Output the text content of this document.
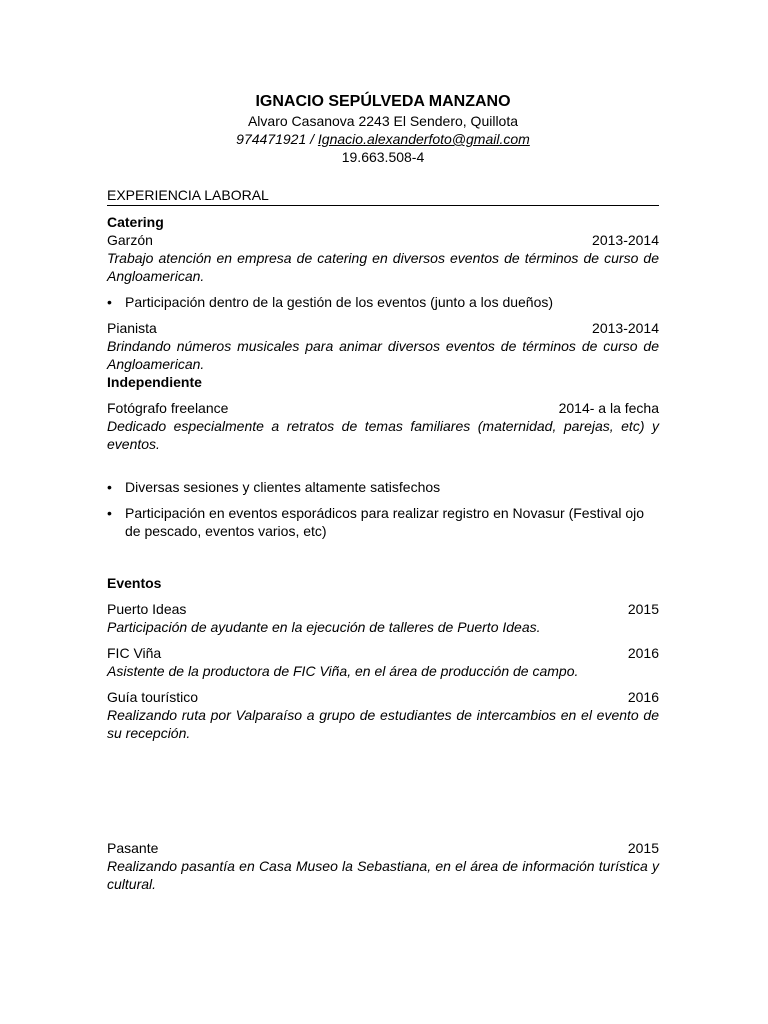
IGNACIO SEPÚLVEDA MANZANO
Alvaro Casanova 2243 El Sendero, Quillota
974471921 / Ignacio.alexanderfoto@gmail.com
19.663.508-4
EXPERIENCIA LABORAL
Catering
Garzón	2013-2014
Trabajo atención en empresa de catering en diversos eventos de términos de curso de Angloamerican.
• Participación dentro de la gestión de los eventos (junto a los dueños)
Pianista	2013-2014
Brindando números musicales para animar diversos eventos de términos de curso de Angloamerican.
Independiente
Fotógrafo freelance	2014- a la fecha
Dedicado especialmente a retratos de temas familiares (maternidad, parejas, etc) y eventos.
• Diversas sesiones y clientes altamente satisfechos
• Participación en eventos esporádicos para realizar registro en Novasur (Festival ojo de pescado, eventos varios, etc)
Eventos
Puerto Ideas	2015
Participación de ayudante en la ejecución de talleres de Puerto Ideas.
FIC Viña	2016
Asistente de la productora de FIC Viña, en el área de producción de campo.
Guía tourístico	2016
Realizando ruta por Valparaíso a grupo de estudiantes de intercambios en el evento de su recepción.
Pasante	2015
Realizando pasantía en Casa Museo la Sebastiana, en el área de información turística y cultural.
